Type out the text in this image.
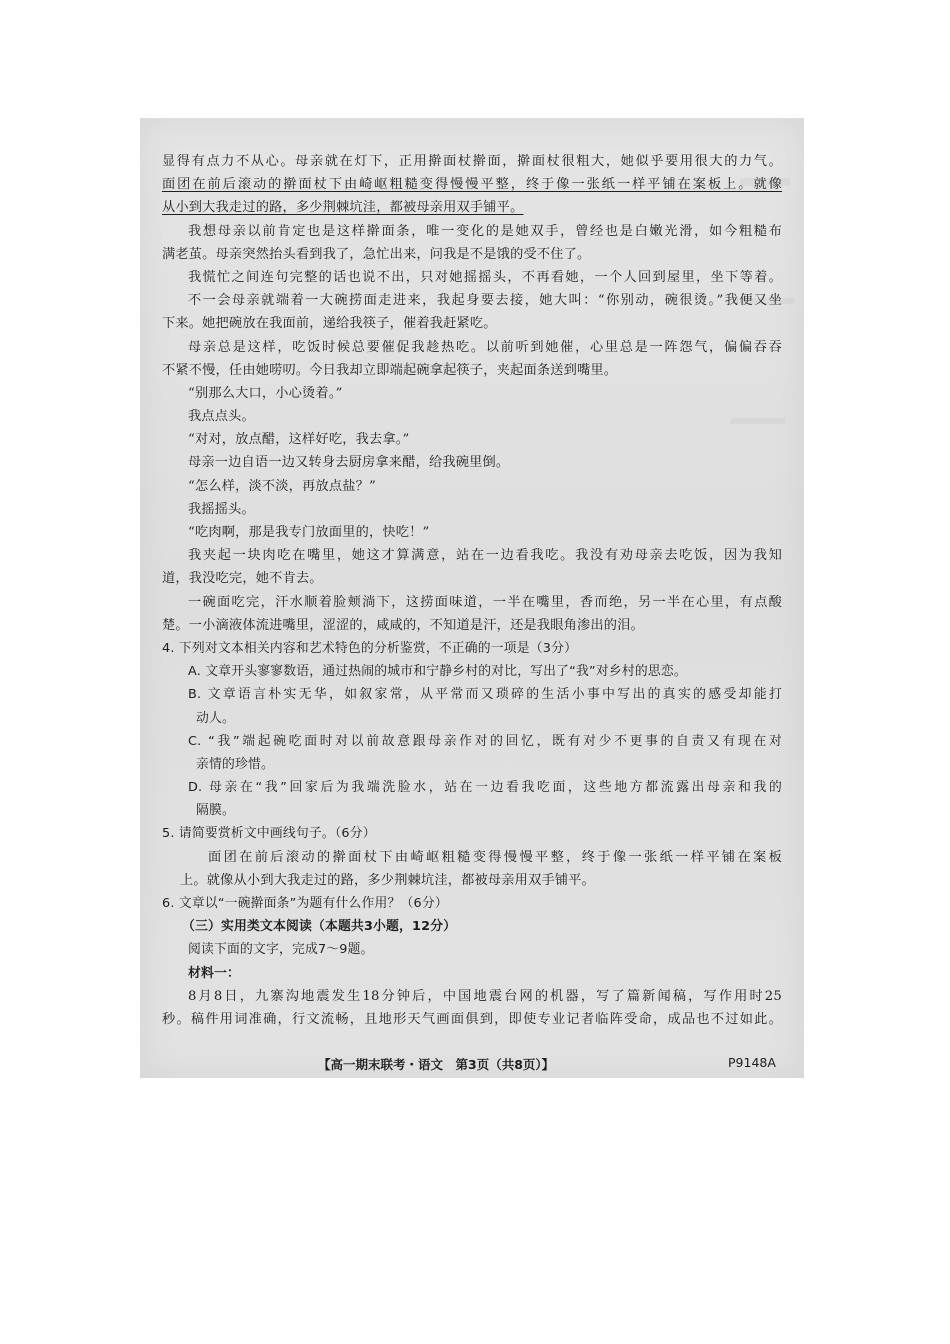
显得有点力不从心。母亲就在灯下，正用擀面杖擀面，擀面杖很粗大，她似乎要用很大的力气。
面团在前后滚动的擀面杖下由崎岖粗糙变得慢慢平整，终于像一张纸一样平铺在案板上。就像
从小到大我走过的路，多少荆棘坑洼，都被母亲用双手铺平。
我想母亲以前肯定也是这样擀面条，唯一变化的是她双手，曾经也是白嫩光滑，如今粗糙布
满老茧。母亲突然抬头看到我了，急忙出来，问我是不是饿的受不住了。
我慌忙之间连句完整的话也说不出，只对她摇摇头，不再看她，一个人回到屋里，坐下等着。
不一会母亲就端着一大碗捞面走进来，我起身要去接，她大叫：“你别动，碗很烫。”我便又坐
下来。她把碗放在我面前，递给我筷子，催着我赶紧吃。
母亲总是这样，吃饭时候总要催促我趁热吃。以前听到她催，心里总是一阵怨气，偏偏吞吞
不紧不慢，任由她唠叨。今日我却立即端起碗拿起筷子，夹起面条送到嘴里。
“别那么大口，小心烫着。”
我点点头。
“对对，放点醋，这样好吃，我去拿。”
母亲一边自语一边又转身去厨房拿来醋，给我碗里倒。
“怎么样，淡不淡，再放点盐？”
我摇摇头。
“吃肉啊，那是我专门放面里的，快吃！”
我夹起一块肉吃在嘴里，她这才算满意，站在一边看我吃。我没有劝母亲去吃饭，因为我知
道，我没吃完，她不肯去。
一碗面吃完，汗水顺着脸颊淌下，这捞面味道，一半在嘴里，香而绝，另一半在心里，有点酸
楚。一小滴液体流进嘴里，涩涩的，咸咸的，不知道是汗，还是我眼角渗出的泪。
4. 下列对文本相关内容和艺术特色的分析鉴赏，不正确的一项是（3分）
A. 文章开头寥寥数语，通过热闹的城市和宁静乡村的对比，写出了“我”对乡村的思恋。
B. 文章语言朴实无华，如叙家常，从平常而又琐碎的生活小事中写出的真实的感受却能打
动人。
C. “我”端起碗吃面时对以前故意跟母亲作对的回忆，既有对少不更事的自责又有现在对
亲情的珍惜。
D. 母亲在“我”回家后为我端洗脸水，站在一边看我吃面，这些地方都流露出母亲和我的
隔膜。
5. 请简要赏析文中画线句子。（6分）
面团在前后滚动的擀面杖下由崎岖粗糙变得慢慢平整，终于像一张纸一样平铺在案板
上。就像从小到大我走过的路，多少荆棘坑洼，都被母亲用双手铺平。
6. 文章以“一碗擀面条”为题有什么作用？（6分）
（三）实用类文本阅读（本题共3小题，12分）
阅读下面的文字，完成7～9题。
材料一：
8月8日，九寨沟地震发生18分钟后，中国地震台网的机器，写了篇新闻稿，写作用时25
秒。稿件用词准确，行文流畅，且地形天气画面俱到，即使专业记者临阵受命，成品也不过如此。
【高一期末联考・语文　第3页（共8页）】	P9148A
